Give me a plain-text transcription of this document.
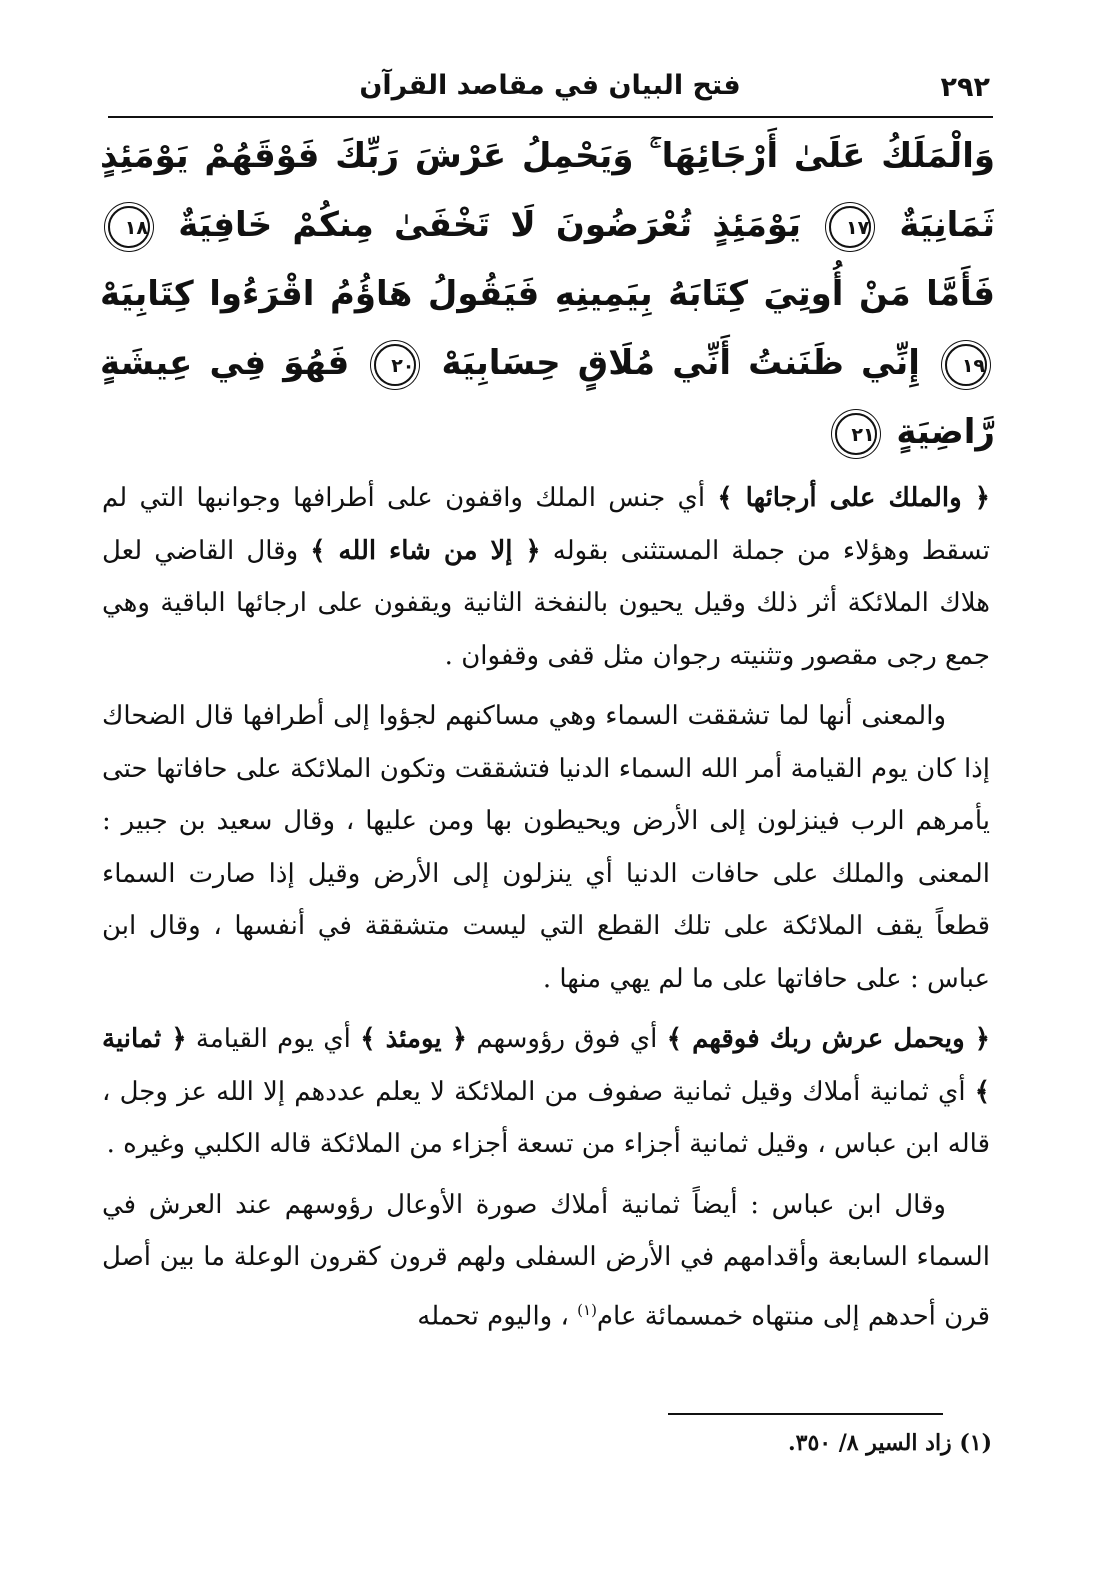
٢٩٢
فتح البيان في مقاصد القرآن
وَالْمَلَكُ عَلَىٰ أَرْجَائِهَا ۚ وَيَحْمِلُ عَرْشَ رَبِّكَ فَوْقَهُمْ يَوْمَئِذٍ ثَمَانِيَةٌ ١٧ يَوْمَئِذٍ تُعْرَضُونَ لَا تَخْفَىٰ مِنكُمْ خَافِيَةٌ ١٨ فَأَمَّا مَنْ أُوتِيَ كِتَابَهُ بِيَمِينِهِ فَيَقُولُ هَاؤُمُ اقْرَءُوا كِتَابِيَهْ ١٩ إِنِّي ظَنَنتُ أَنِّي مُلَاقٍ حِسَابِيَهْ ٢٠ فَهُوَ فِي عِيشَةٍ رَّاضِيَةٍ ٢١

﴿ والملك على أرجائها ﴾ أي جنس الملك واقفون على أطرافها وجوانبها التي لم تسقط وهؤلاء من جملة المستثنى بقوله ﴿ إلا من شاء الله ﴾ وقال القاضي لعل هلاك الملائكة أثر ذلك وقيل يحيون بالنفخة الثانية ويقفون على ارجائها الباقية وهي جمع رجى مقصور وتثنيته رجوان مثل قفى وقفوان .

والمعنى أنها لما تشققت السماء وهي مساكنهم لجؤوا إلى أطرافها قال الضحاك إذا كان يوم القيامة أمر الله السماء الدنيا فتشققت وتكون الملائكة على حافاتها حتى يأمرهم الرب فينزلون إلى الأرض ويحيطون بها ومن عليها ، وقال سعيد بن جبير : المعنى والملك على حافات الدنيا أي ينزلون إلى الأرض وقيل إذا صارت السماء قطعاً يقف الملائكة على تلك القطع التي ليست متشققة في أنفسها ، وقال ابن عباس : على حافاتها على ما لم يهي منها .

﴿ ويحمل عرش ربك فوقهم ﴾ أي فوق رؤوسهم ﴿ يومئذ ﴾ أي يوم القيامة ﴿ ثمانية ﴾ أي ثمانية أملاك وقيل ثمانية صفوف من الملائكة لا يعلم عددهم إلا الله عز وجل ، قاله ابن عباس ، وقيل ثمانية أجزاء من تسعة أجزاء من الملائكة قاله الكلبي وغيره .

وقال ابن عباس : أيضاً ثمانية أملاك صورة الأوعال رؤوسهم عند العرش في السماء السابعة وأقدامهم في الأرض السفلى ولهم قرون كقرون الوعلة ما بين أصل قرن أحدهم إلى منتهاه خمسمائة عام$^{(١)}$ ، واليوم تحمله

(١) زاد السير ٨/ ٣٥٠.
